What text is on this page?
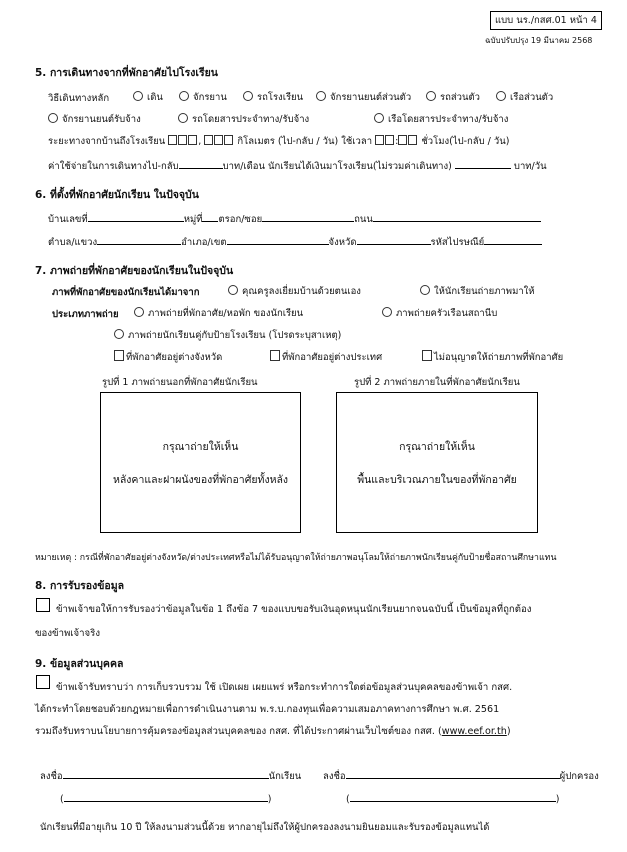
แบบ นร./กสศ.01 หน้า 4
ฉบับปรับปรุง 19 มีนาคม 2568
5. การเดินทางจากที่พักอาศัยไปโรงเรียน
วิธีเดินทางหลัก	เดิน	จักรยาน	รถโรงเรียน	จักรยานยนต์ส่วนตัว	รถส่วนตัว	เรือส่วนตัว
จักรยานยนต์รับจ้าง	รถโดยสารประจำทาง/รับจ้าง	เรือโดยสารประจำทาง/รับจ้าง
ระยะทางจากบ้านถึงโรงเรียน	,	กิโลเมตร (ไป-กลับ / วัน) ใช้เวลา : ชั่วโมง(ไป-กลับ / วัน)
ค่าใช้จ่ายในการเดินทางไป-กลับ	บาท/เดือน นักเรียนได้เงินมาโรงเรียน(ไม่รวมค่าเดินทาง)	บาท/วัน
6. ที่ตั้งที่พักอาศัยนักเรียน ในปัจจุบัน
บ้านเลขที่	หมู่ที่ ตรอก/ซอย	ถนน
ตำบล/แขวง	อำเภอ/เขต	จังหวัด	รหัสไปรษณีย์
7. ภาพถ่ายที่พักอาศัยของนักเรียนในปัจจุบัน
ภาพที่พักอาศัยของนักเรียนได้มาจาก	คุณครูลงเยี่ยมบ้านด้วยตนเอง	ให้นักเรียนถ่ายภาพมาให้
ประเภทภาพถ่าย	ภาพถ่ายที่พักอาศัย/หอพัก ของนักเรียน	ภาพถ่ายครัวเรือนสถานีบ
ภาพถ่ายนักเรียนคู่กับป้ายโรงเรียน (โปรดระบุสาเหตุ)
ที่พักอาศัยอยู่ต่างจังหวัด	ที่พักอาศัยอยู่ต่างประเทศ	ไม่อนุญาตให้ถ่ายภาพที่พักอาศัย
รูปที่ 1 ภาพถ่ายนอกที่พักอาศัยนักเรียน	รูปที่ 2 ภาพถ่ายภายในที่พักอาศัยนักเรียน
กรุณาถ่ายให้เห็น
หลังคาและฝาผนังของที่พักอาศัยทั้งหลัง
กรุณาถ่ายให้เห็น
พื้นและบริเวณภายในของที่พักอาศัย
หมายเหตุ : กรณีที่พักอาศัยอยู่ต่างจังหวัด/ต่างประเทศหรือไม่ได้รับอนุญาตให้ถ่ายภาพอนุโลมให้ถ่ายภาพนักเรียนคู่กับป้ายชื่อสถานศึกษาแทน
8. การรับรองข้อมูล
ข้าพเจ้าขอให้การรับรองว่าข้อมูลในข้อ 1 ถึงข้อ 7 ของแบบขอรับเงินอุดหนุนนักเรียนยากจนฉบับนี้ เป็นข้อมูลที่ถูกต้อง
ของข้าพเจ้าจริง
9. ข้อมูลส่วนบุคคล
ข้าพเจ้ารับทราบว่า การเก็บรวบรวม ใช้ เปิดเผย เผยแพร่ หรือกระทำการใดต่อข้อมูลส่วนบุคคลของข้าพเจ้า กสศ.
ได้กระทำโดยชอบด้วยกฎหมายเพื่อการดำเนินงานตาม พ.ร.บ.กองทุนเพื่อความเสมอภาคทางการศึกษา พ.ศ. 2561
รวมถึงรับทราบนโยบายการคุ้มครองข้อมูลส่วนบุคคลของ กสศ. ที่ได้ประกาศผ่านเว็บไซต์ของ กสศ. (www.eef.or.th)
ลงชื่อ	นักเรียน ลงชื่อ	ผู้ปกครอง
(	)	(	)
นักเรียนที่มีอายุเกิน 10 ปี ให้ลงนามส่วนนี้ด้วย หากอายุไม่ถึงให้ผู้ปกครองลงนามยินยอมและรับรองข้อมูลแทนได้
